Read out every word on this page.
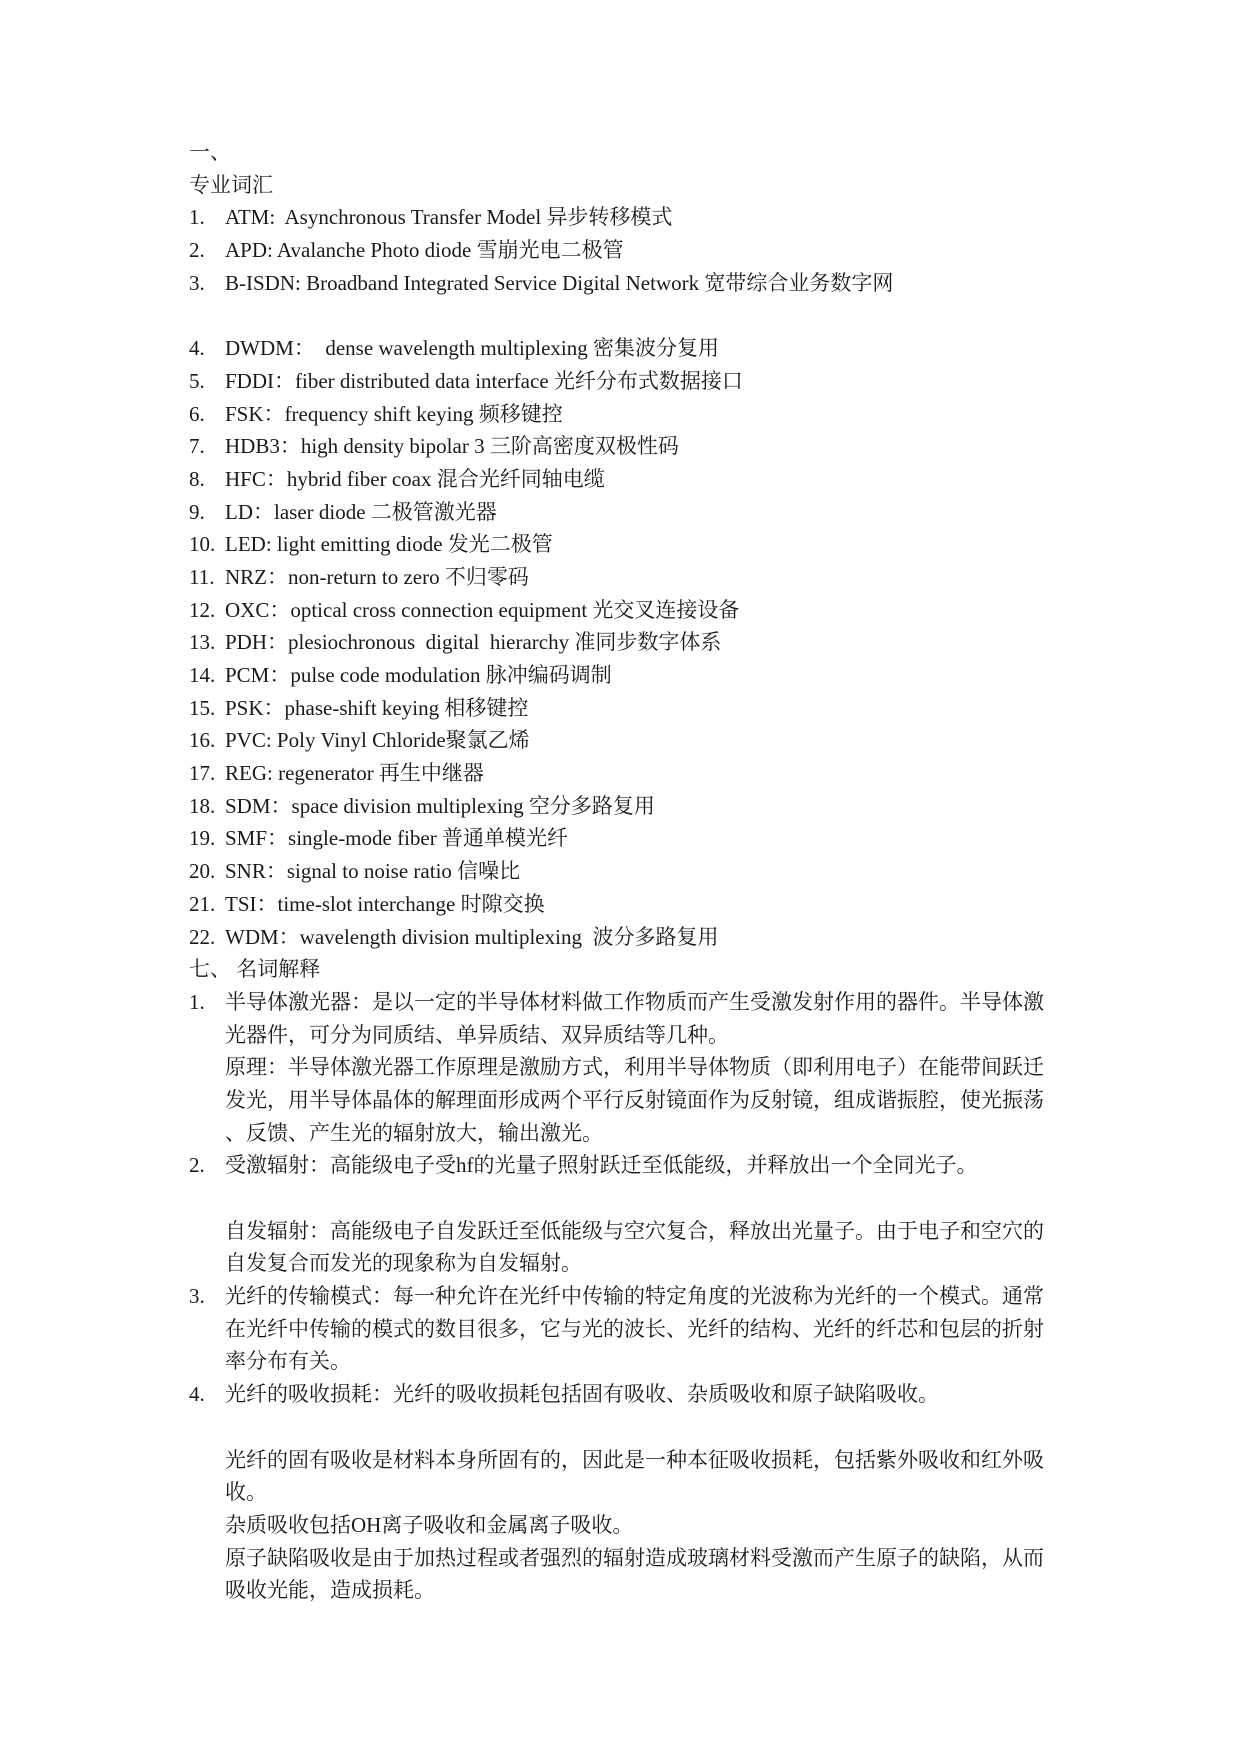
一、
专业词汇
1. ATM:  Asynchronous Transfer Model 异步转移模式
2. APD: Avalanche Photo diode 雪崩光电二极管
3. B-ISDN: Broadband Integrated Service Digital Network 宽带综合业务数字网
4. DWDM：  dense wavelength multiplexing 密集波分复用
5. FDDI：fiber distributed data interface 光纤分布式数据接口
6. FSK：frequency shift keying 频移键控
7. HDB3：high density bipolar 3 三阶高密度双极性码
8. HFC：hybrid fiber coax 混合光纤同轴电缆
9. LD：laser diode 二极管激光器
10. LED: light emitting diode 发光二极管
11. NRZ：non-return to zero 不归零码
12. OXC：optical cross connection equipment 光交叉连接设备
13. PDH：plesiochronous  digital  hierarchy 准同步数字体系
14. PCM：pulse code modulation 脉冲编码调制
15. PSK：phase-shift keying 相移键控
16. PVC: Poly Vinyl Chloride聚氯乙烯
17. REG: regenerator 再生中继器
18. SDM：space division multiplexing 空分多路复用
19. SMF：single-mode fiber 普通单模光纤
20. SNR：signal to noise ratio 信噪比
21. TSI：time-slot interchange 时隙交换
22. WDM：wavelength division multiplexing  波分多路复用
七、 名词解释
1. 半导体激光器：是以一定的半导体材料做工作物质而产生受激发射作用的器件。半导体激
光器件，可分为同质结、单异质结、双异质结等几种。
原理：半导体激光器工作原理是激励方式，利用半导体物质（即利用电子）在能带间跃迁
发光，用半导体晶体的解理面形成两个平行反射镜面作为反射镜，组成谐振腔，使光振荡
、反馈、产生光的辐射放大，输出激光。
2. 受激辐射：高能级电子受hf的光量子照射跃迁至低能级，并释放出一个全同光子。
自发辐射：高能级电子自发跃迁至低能级与空穴复合，释放出光量子。由于电子和空穴的
自发复合而发光的现象称为自发辐射。
3. 光纤的传输模式：每一种允许在光纤中传输的特定角度的光波称为光纤的一个模式。通常
在光纤中传输的模式的数目很多，它与光的波长、光纤的结构、光纤的纤芯和包层的折射
率分布有关。
4. 光纤的吸收损耗：光纤的吸收损耗包括固有吸收、杂质吸收和原子缺陷吸收。
光纤的固有吸收是材料本身所固有的，因此是一种本征吸收损耗，包括紫外吸收和红外吸
收。
杂质吸收包括OH离子吸收和金属离子吸收。
原子缺陷吸收是由于加热过程或者强烈的辐射造成玻璃材料受激而产生原子的缺陷，从而
吸收光能，造成损耗。
